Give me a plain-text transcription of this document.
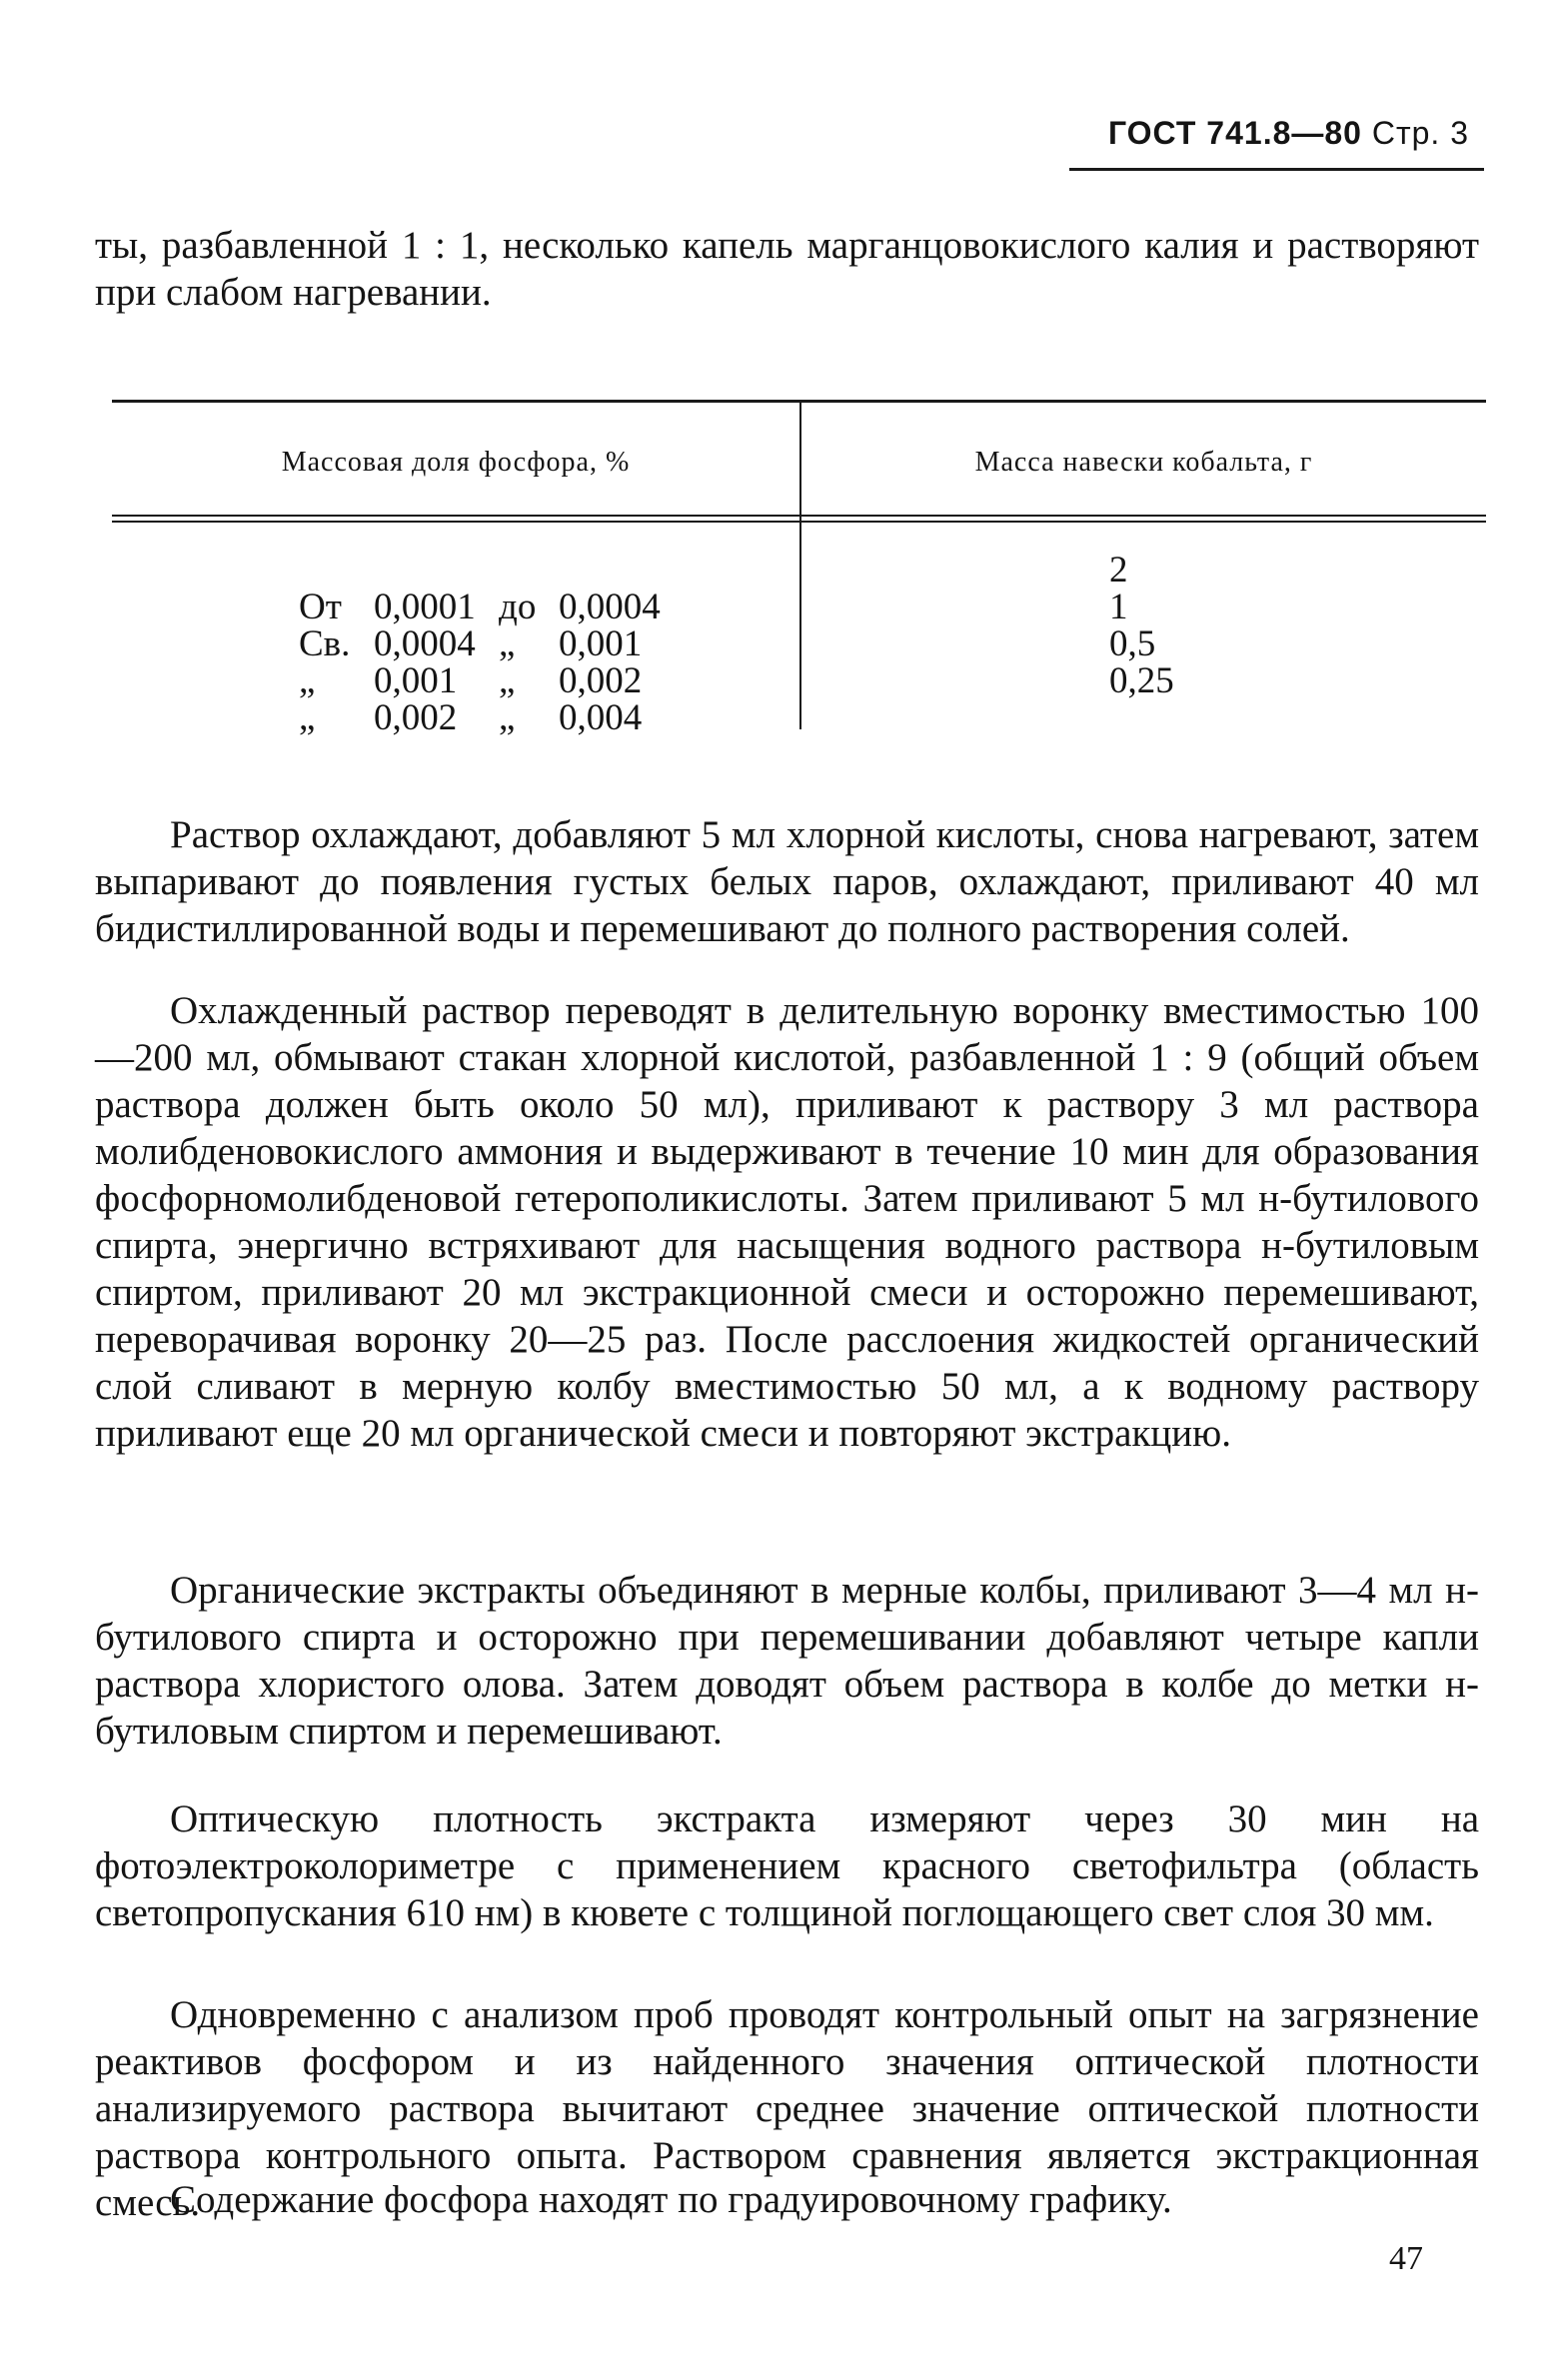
ГОСТ 741.8—80 Стр. 3

ты, разбавленной 1 : 1, несколько капель марганцовокислого калия и растворяют при слабом нагревании.

Массовая доля фосфора, %	Масса навески кобальта, г

От 0,0001 до 0,0004

Св. 0,0004 „ 0,001

„ 0,001 „ 0,002

„ 0,002 „ 0,004

2
1
0,5
0,25

Раствор охлаждают, добавляют 5 мл хлорной кислоты, снова нагревают, затем выпаривают до появления густых белых паров, охлаждают, приливают 40 мл бидистиллированной воды и перемешивают до полного растворения солей.

Охлажденный раствор переводят в делительную воронку вместимостью 100—200 мл, обмывают стакан хлорной кислотой, разбавленной 1 : 9 (общий объем раствора должен быть около 50 мл), приливают к раствору 3 мл раствора молибденовокислого аммония и выдерживают в течение 10 мин для образования фосфорномолибденовой гетерополикислоты. Затем приливают 5 мл н-бутилового спирта, энергично встряхивают для насыщения водного раствора н-бутиловым спиртом, приливают 20 мл экстракционной смеси и осторожно перемешивают, переворачивая воронку 20—25 раз. После расслоения жидкостей органический слой сливают в мерную колбу вместимостью 50 мл, а к водному раствору приливают еще 20 мл органической смеси и повторяют экстракцию.

Органические экстракты объединяют в мерные колбы, приливают 3—4 мл н-бутилового спирта и осторожно при перемешивании добавляют четыре капли раствора хлористого олова. Затем доводят объем раствора в колбе до метки н-бутиловым спиртом и перемешивают.

Оптическую плотность экстракта измеряют через 30 мин на фотоэлектроколориметре с применением красного светофильтра (область светопропускания 610 нм) в кювете с толщиной поглощающего свет слоя 30 мм.

Одновременно с анализом проб проводят контрольный опыт на загрязнение реактивов фосфором и из найденного значения оптической плотности анализируемого раствора вычитают среднее значение оптической плотности раствора контрольного опыта. Раствором сравнения является экстракционная смесь.

Содержание фосфора находят по градуировочному графику.

47
